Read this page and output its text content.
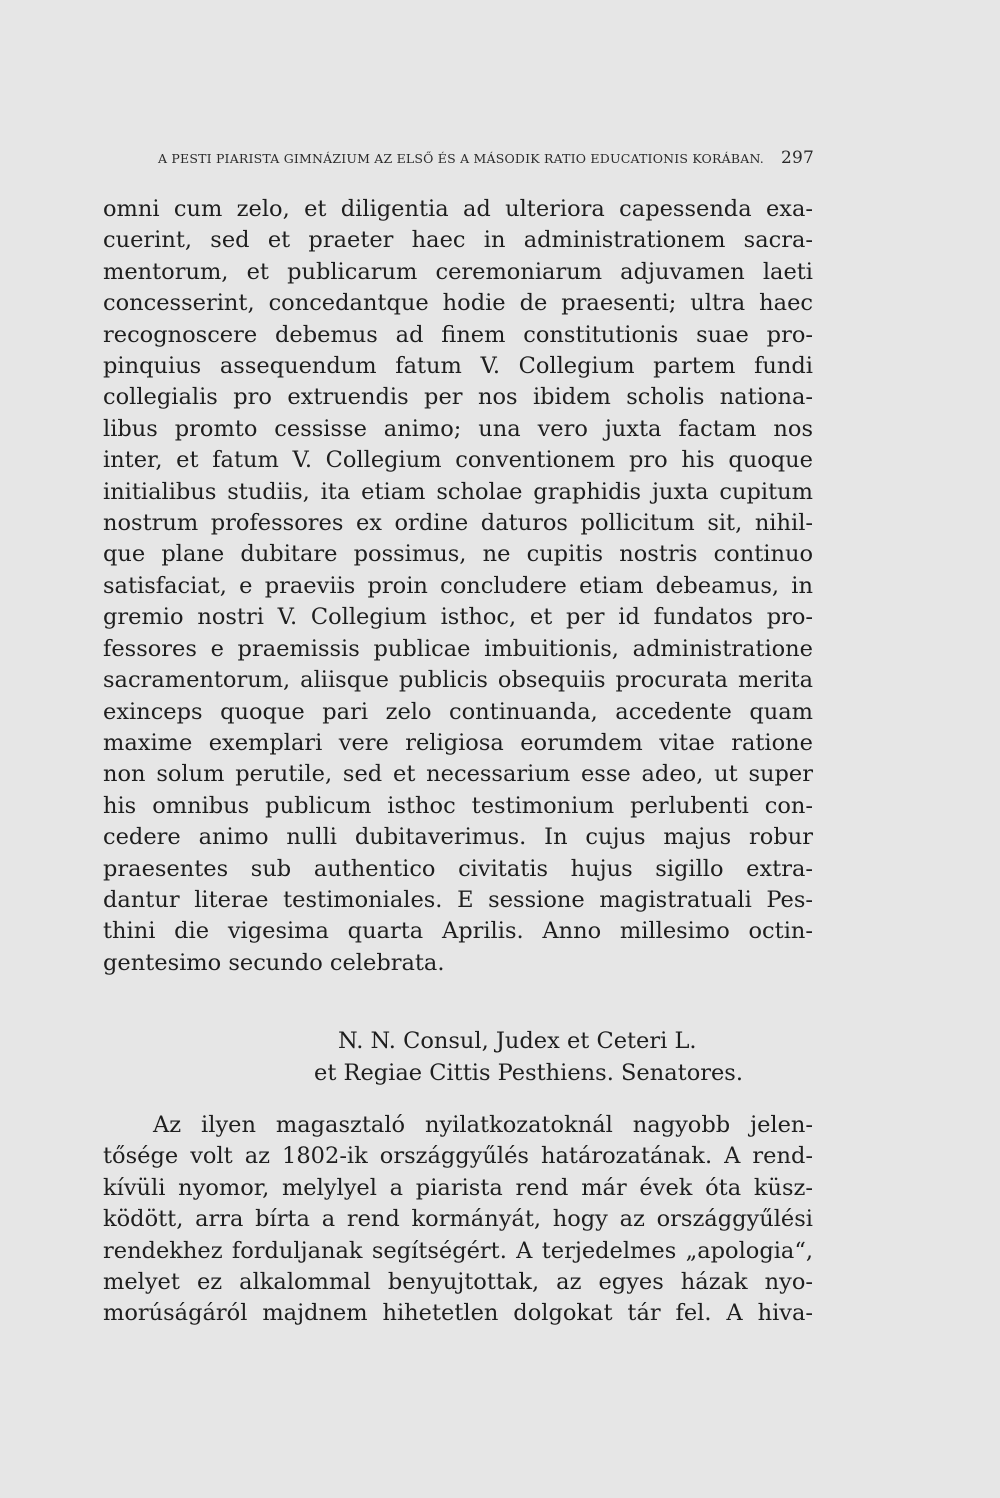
A PESTI PIARISTA GIMNÁZIUM AZ ELSŐ ÉS A MÁSODIK RATIO EDUCATIONIS KORÁBAN. 297
omni cum zelo, et diligentia ad ulteriora capessenda exa-
cuerint, sed et praeter haec in administrationem sacra-
mentorum, et publicarum ceremoniarum adjuvamen laeti
concesserint, concedantque hodie de praesenti; ultra haec
recognoscere debemus ad finem constitutionis suae pro-
pinquius assequendum fatum V. Collegium partem fundi
collegialis pro extruendis per nos ibidem scholis nationa-
libus promto cessisse animo; una vero juxta factam nos
inter, et fatum V. Collegium conventionem pro his quoque
initialibus studiis, ita etiam scholae graphidis juxta cupitum
nostrum professores ex ordine daturos pollicitum sit, nihil-
que plane dubitare possimus, ne cupitis nostris continuo
satisfaciat, e praeviis proin concludere etiam debeamus, in
gremio nostri V. Collegium isthoc, et per id fundatos pro-
fessores e praemissis publicae imbuitionis, administratione
sacramentorum, aliisque publicis obsequiis procurata merita
exinceps quoque pari zelo continuanda, accedente quam
maxime exemplari vere religiosa eorumdem vitae ratione
non solum perutile, sed et necessarium esse adeo, ut super
his omnibus publicum isthoc testimonium perlubenti con-
cedere animo nulli dubitaverimus. In cujus majus robur
praesentes sub authentico civitatis hujus sigillo extra-
dantur literae testimoniales. E sessione magistratuali Pes-
thini die vigesima quarta Aprilis. Anno millesimo octin-
gentesimo secundo celebrata.
N. N. Consul, Judex et Ceteri L.
et Regiae Cittis Pesthiens. Senatores.
Az ilyen magasztaló nyilatkozatoknál nagyobb jelen-
tősége volt az 1802-ik országgyűlés határozatának. A rend-
kívüli nyomor, melylyel a piarista rend már évek óta küsz-
ködött, arra bírta a rend kormányát, hogy az országgyűlési
rendekhez forduljanak segítségért. A terjedelmes „apologia“,
melyet ez alkalommal benyujtottak, az egyes házak nyo-
morúságáról majdnem hihetetlen dolgokat tár fel. A hiva-
